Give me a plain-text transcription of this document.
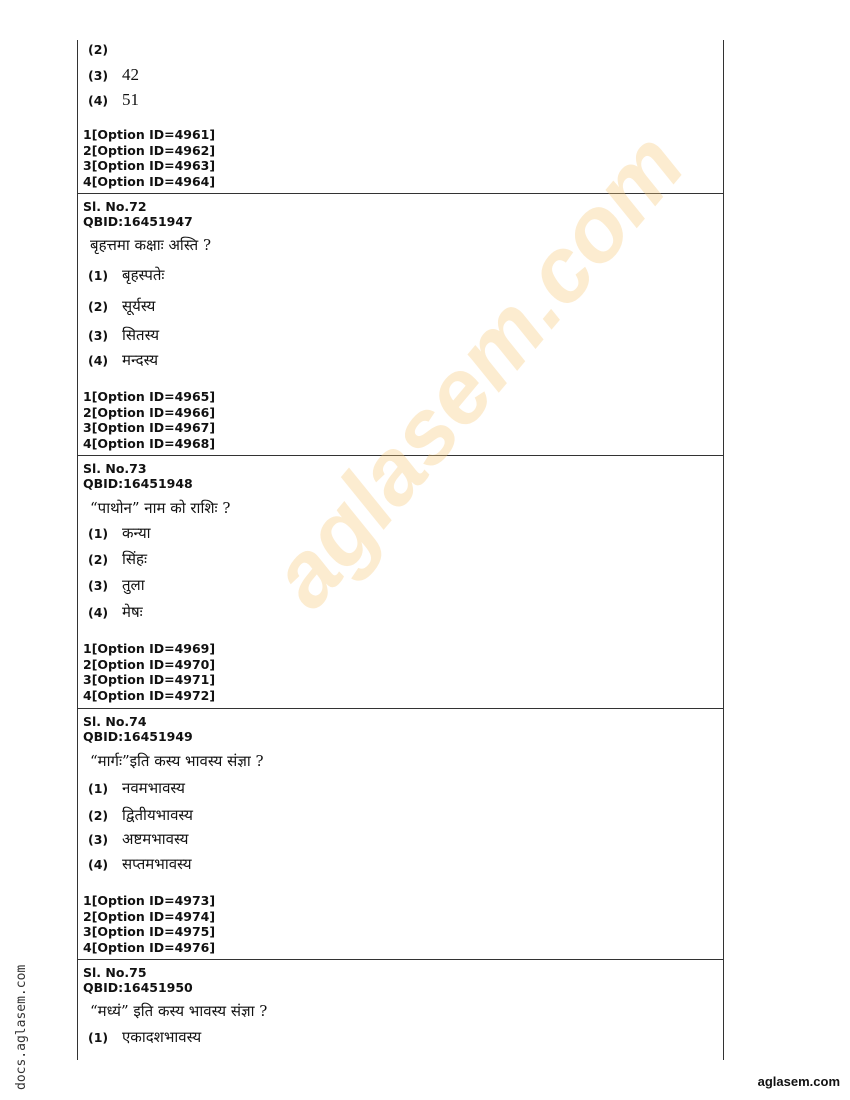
(2)
(3) 42
(4) 51
1[Option ID=4961]
2[Option ID=4962]
3[Option ID=4963]
4[Option ID=4964]
Sl. No.72
QBID:16451947
बृहत्तमा कक्षाः अस्ति ?
(1) बृहस्पतेः
(2) सूर्यस्य
(3) सितस्य
(4) मन्दस्य
1[Option ID=4965]
2[Option ID=4966]
3[Option ID=4967]
4[Option ID=4968]
Sl. No.73
QBID:16451948
“पाथोन” नाम को राशिः ?
(1) कन्या
(2) सिंहः
(3) तुला
(4) मेषः
1[Option ID=4969]
2[Option ID=4970]
3[Option ID=4971]
4[Option ID=4972]
Sl. No.74
QBID:16451949
“मार्गः”इति कस्य भावस्य संज्ञा ?
(1) नवमभावस्य
(2) द्वितीयभावस्य
(3) अष्टमभावस्य
(4) सप्तमभावस्य
1[Option ID=4973]
2[Option ID=4974]
3[Option ID=4975]
4[Option ID=4976]
Sl. No.75
QBID:16451950
“मध्यं” इति कस्य भावस्य संज्ञा ?
(1) एकादशभावस्य
aglasem.com
docs.aglasem.com	aglasem.com
